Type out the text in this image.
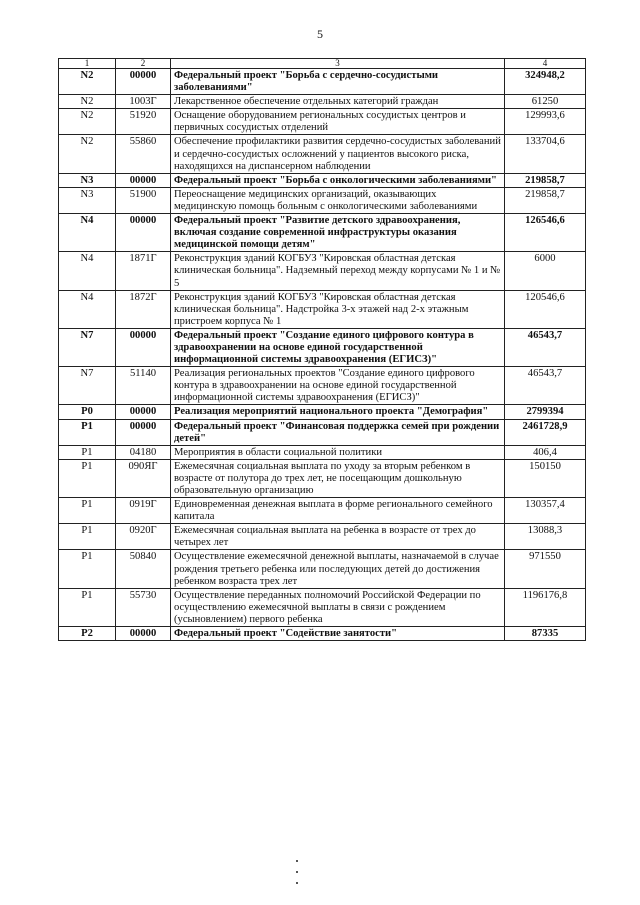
5
1	2	3	4
N2	00000	Федеральный проект "Борьба с сердечно-сосудистыми заболеваниями"	324948,2
N2	1003Г	Лекарственное обеспечение отдельных категорий граждан	61250
N2	51920	Оснащение оборудованием региональных сосудистых центров и первичных сосудистых отделений	129993,6
N2	55860	Обеспечение профилактики развития сердечно-сосудистых заболеваний и сердечно-сосудистых осложнений у пациентов высокого риска, находящихся на диспансерном наблюдении	133704,6
N3	00000	Федеральный проект "Борьба с онкологическими заболеваниями"	219858,7
N3	51900	Переоснащение медицинских организаций, оказывающих медицинскую помощь больным с онкологическими заболеваниями	219858,7
N4	00000	Федеральный проект "Развитие детского здравоохранения, включая создание современной инфраструктуры оказания медицинской помощи детям"	126546,6
N4	1871Г	Реконструкция зданий КОГБУЗ "Кировская областная детская клиническая больница". Надземный переход между корпусами № 1 и № 5	6000
N4	1872Г	Реконструкция зданий КОГБУЗ "Кировская областная детская клиническая больница". Надстройка 3-х этажей над 2-х этажным пристроем корпуса № 1	120546,6
N7	00000	Федеральный проект "Создание единого цифрового контура в здравоохранении на основе единой государственной информационной системы здравоохранения (ЕГИСЗ)"	46543,7
N7	51140	Реализация региональных проектов "Создание единого цифрового контура в здравоохранении на основе единой государственной информационной системы здравоохранения (ЕГИСЗ)"	46543,7
P0	00000	Реализация мероприятий национального проекта "Демография"	2799394
P1	00000	Федеральный проект "Финансовая поддержка семей при рождении детей"	2461728,9
P1	04180	Мероприятия в области социальной политики	406,4
P1	090ЯГ	Ежемесячная социальная выплата по уходу за вторым ребенком в возрасте от полутора до трех лет, не посещающим дошкольную образовательную организацию	150150
P1	0919Г	Единовременная денежная выплата в форме регионального семейного капитала	130357,4
P1	0920Г	Ежемесячная социальная выплата на ребенка в возрасте от трех до четырех лет	13088,3
P1	50840	Осуществление ежемесячной денежной выплаты, назначаемой в случае рождения третьего ребенка или последующих детей до достижения ребенком возраста трех лет	971550
P1	55730	Осуществление переданных полномочий Российской Федерации по осуществлению ежемесячной выплаты в связи с рождением (усыновлением) первого ребенка	1196176,8
P2	00000	Федеральный проект "Содействие занятости"	87335
